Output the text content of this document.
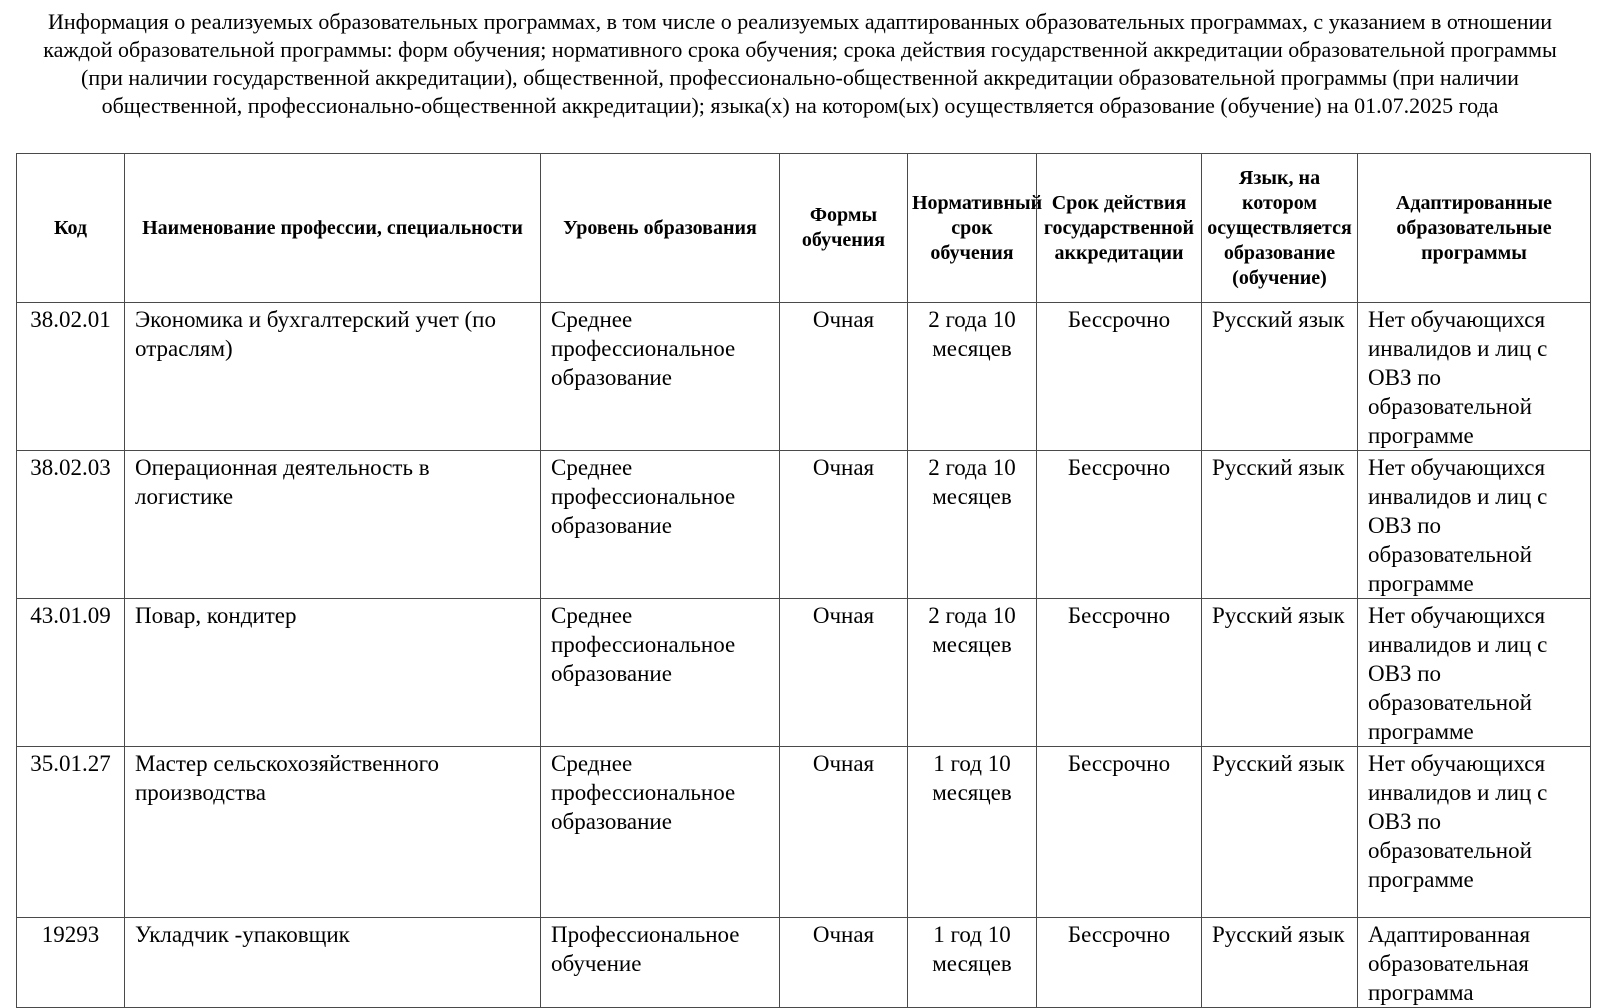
Информация о реализуемых образовательных программах, в том числе о реализуемых адаптированных образовательных программах, с указанием в отношении каждой образовательной программы: форм обучения; нормативного срока обучения; срока действия государственной аккредитации образовательной программы (при наличии государственной аккредитации), общественной, профессионально-общественной аккредитации образовательной программы (при наличии общественной, профессионально-общественной аккредитации); языка(х) на котором(ых) осуществляется образование (обучение) на 01.07.2025 года
Код	Наименование профессии, специальности	Уровень образования	Формы обучения	Нормативный срок обучения	Срок действия государственной аккредитации	Язык, на котором осуществляется образование (обучение)	Адаптированные образовательные программы
38.02.01	Экономика и бухгалтерский учет (по отраслям)	Среднее профессиональное образование	Очная	2 года 10 месяцев	Бессрочно	Русский язык	Нет обучающихся инвалидов и лиц с ОВЗ по образовательной программе
38.02.03	Операционная деятельность в логистике	Среднее профессиональное образование	Очная	2 года 10 месяцев	Бессрочно	Русский язык	Нет обучающихся инвалидов и лиц с ОВЗ по образовательной программе
43.01.09	Повар, кондитер	Среднее профессиональное образование	Очная	2 года 10 месяцев	Бессрочно	Русский язык	Нет обучающихся инвалидов и лиц с ОВЗ по образовательной программе
35.01.27	Мастер сельскохозяйственного производства	Среднее профессиональное образование	Очная	1 год 10 месяцев	Бессрочно	Русский язык	Нет обучающихся инвалидов и лиц с ОВЗ по образовательной программе
19293	Укладчик -упаковщик	Профессиональное обучение	Очная	1 год 10 месяцев	Бессрочно	Русский язык	Адаптированная образовательная программа
